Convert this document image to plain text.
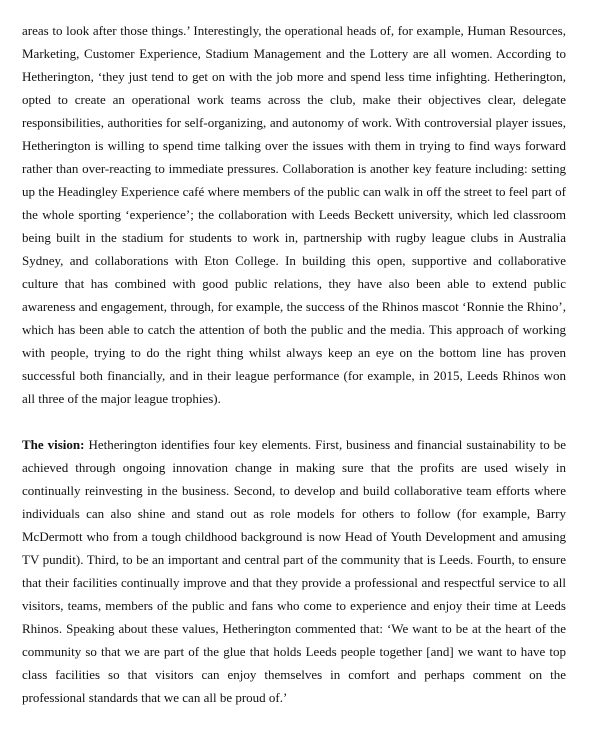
areas to look after those things.’ Interestingly, the operational heads of, for example, Human Resources, Marketing, Customer Experience, Stadium Management and the Lottery are all women. According to Hetherington, ‘they just tend to get on with the job more and spend less time infighting. Hetherington, opted to create an operational work teams across the club, make their objectives clear, delegate responsibilities, authorities for self-organizing, and autonomy of work. With controversial player issues, Hetherington is willing to spend time talking over the issues with them in trying to find ways forward rather than over-reacting to immediate pressures. Collaboration is another key feature including: setting up the Headingley Experience café where members of the public can walk in off the street to feel part of the whole sporting ‘experience’; the collaboration with Leeds Beckett university, which led classroom being built in the stadium for students to work in, partnership with rugby league clubs in Australia Sydney, and collaborations with Eton College. In building this open, supportive and collaborative culture that has combined with good public relations, they have also been able to extend public awareness and engagement, through, for example, the success of the Rhinos mascot ‘Ronnie the Rhino’, which has been able to catch the attention of both the public and the media. This approach of working with people, trying to do the right thing whilst always keep an eye on the bottom line has proven successful both financially, and in their league performance (for example, in 2015, Leeds Rhinos won all three of the major league trophies).

The vision: Hetherington identifies four key elements. First, business and financial sustainability to be achieved through ongoing innovation change in making sure that the profits are used wisely in continually reinvesting in the business. Second, to develop and build collaborative team efforts where individuals can also shine and stand out as role models for others to follow (for example, Barry McDermott who from a tough childhood background is now Head of Youth Development and amusing TV pundit). Third, to be an important and central part of the community that is Leeds. Fourth, to ensure that their facilities continually improve and that they provide a professional and respectful service to all visitors, teams, members of the public and fans who come to experience and enjoy their time at Leeds Rhinos. Speaking about these values, Hetherington commented that: ‘We want to be at the heart of the community so that we are part of the glue that holds Leeds people together [and] we want to have top class facilities so that visitors can enjoy themselves in comfort and perhaps comment on the professional standards that we can all be proud of.’
